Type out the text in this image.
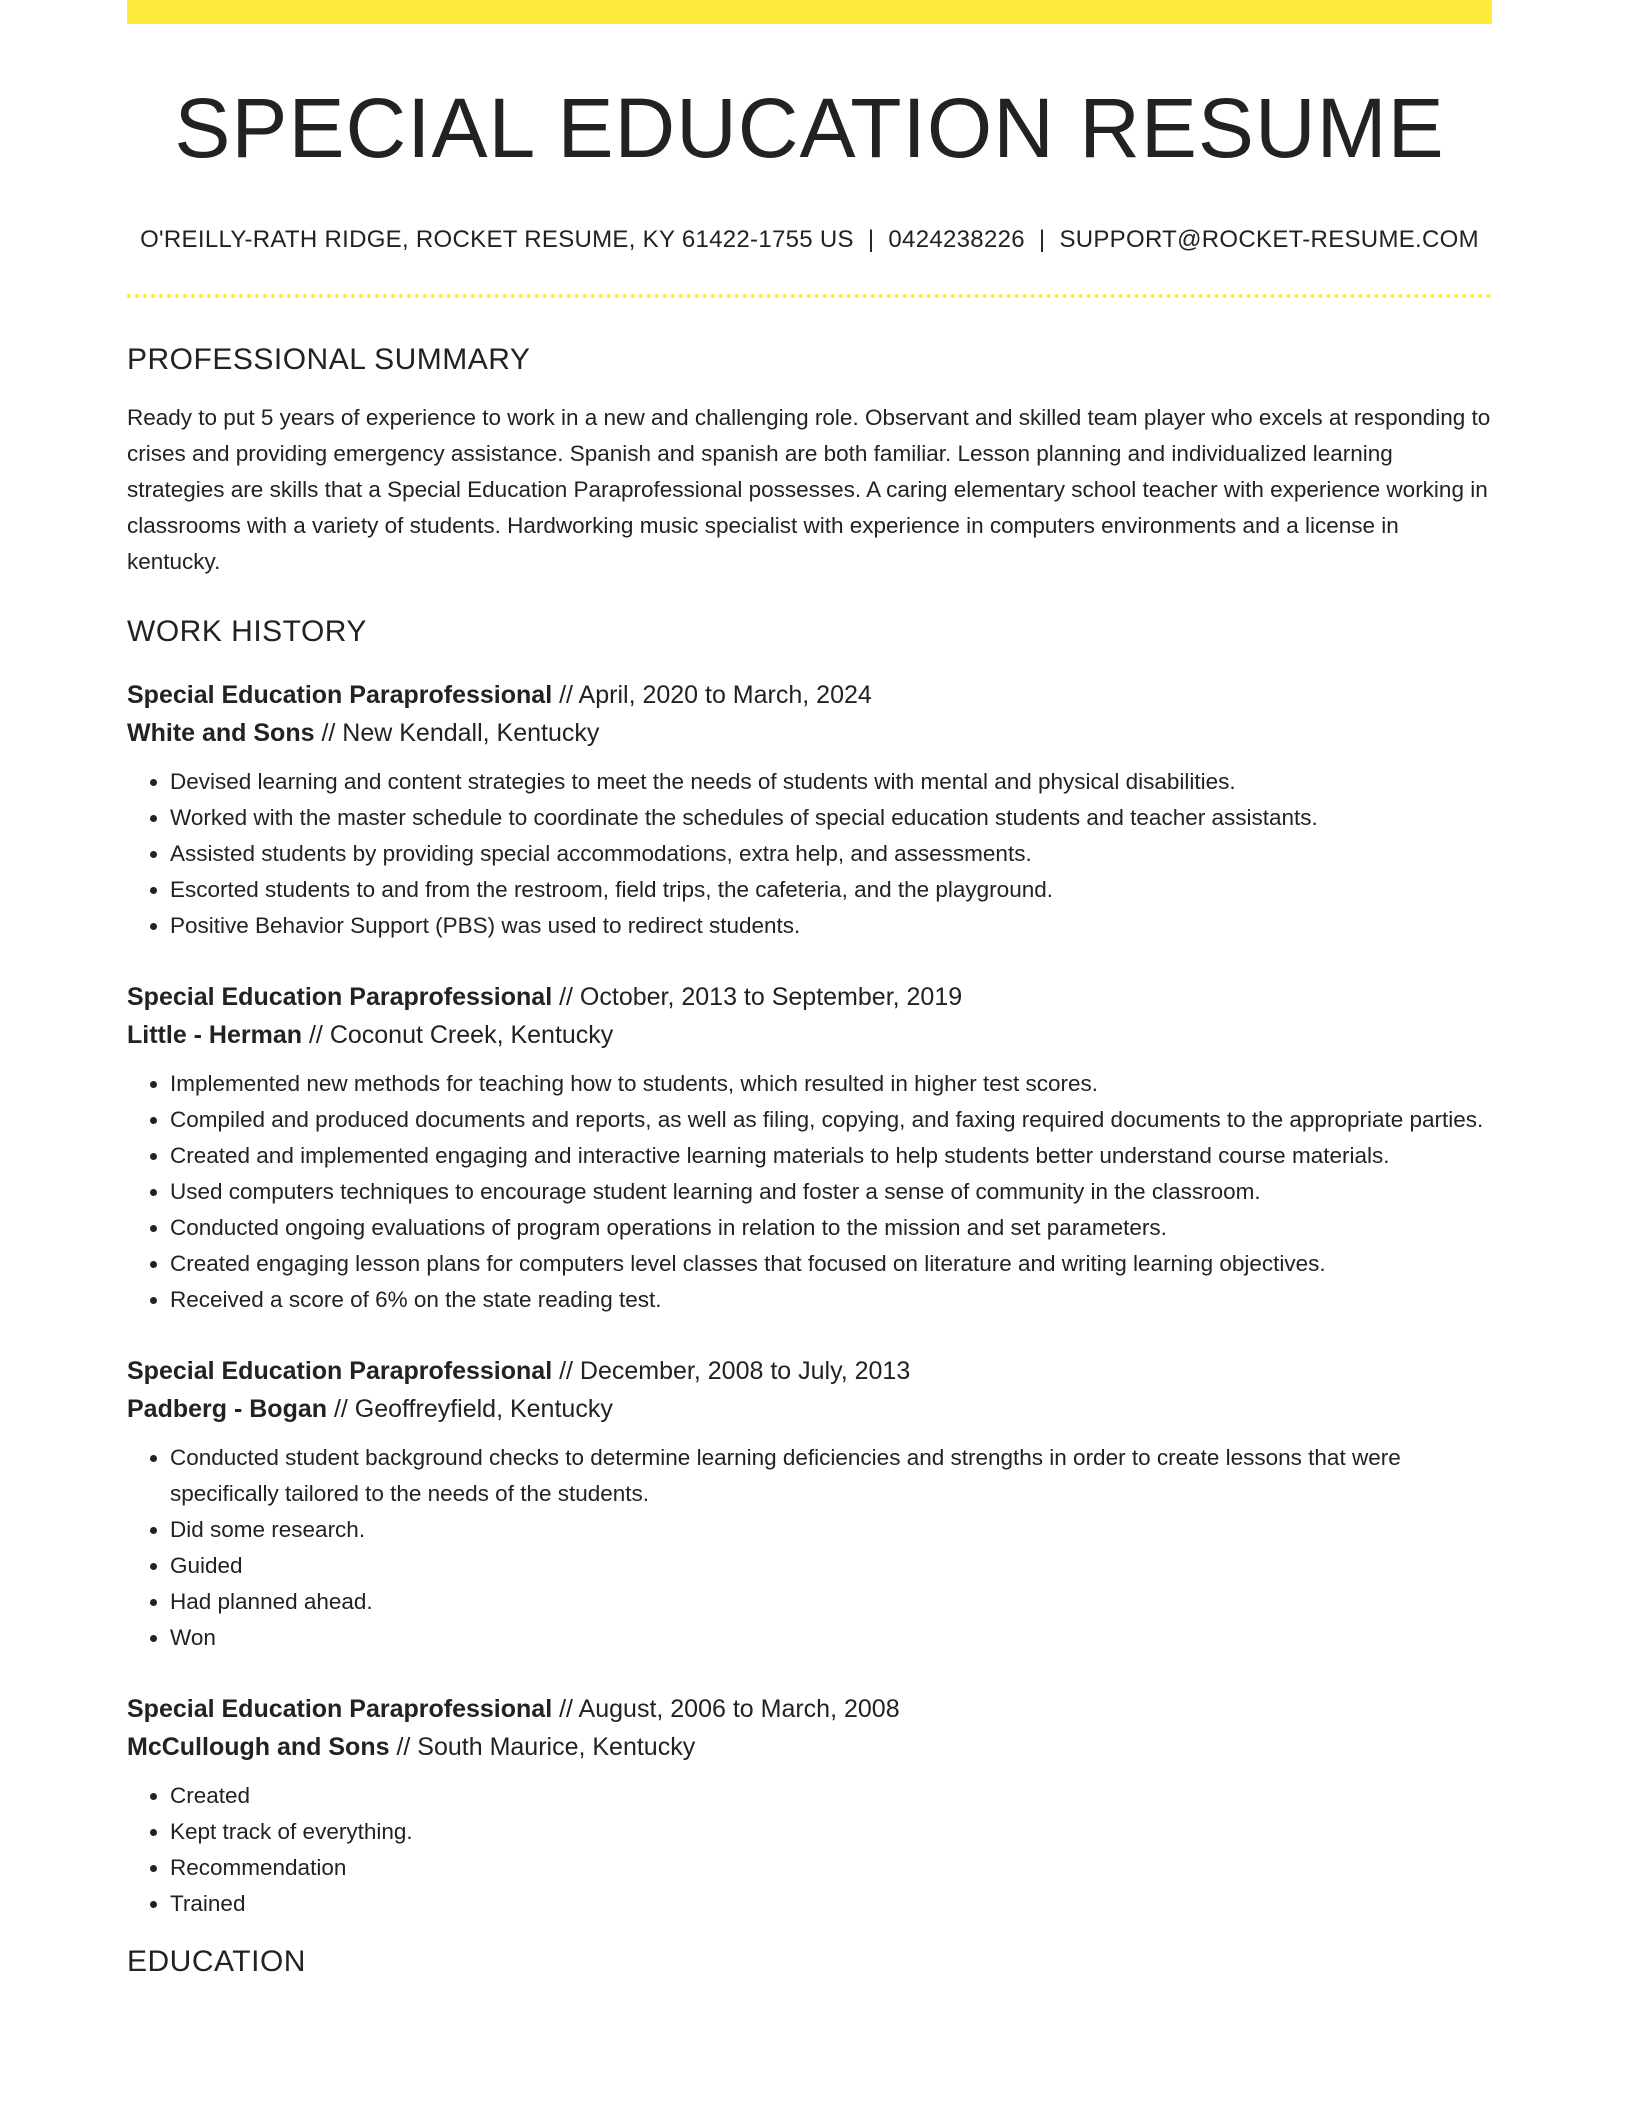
SPECIAL EDUCATION RESUME
O'REILLY-RATH RIDGE, ROCKET RESUME, KY 61422-1755 US | 0424238226 | SUPPORT@ROCKET-RESUME.COM
PROFESSIONAL SUMMARY

Ready to put 5 years of experience to work in a new and challenging role. Observant and skilled team player who excels at responding to crises and providing emergency assistance. Spanish and spanish are both familiar. Lesson planning and individualized learning strategies are skills that a Special Education Paraprofessional possesses. A caring elementary school teacher with experience working in classrooms with a variety of students. Hardworking music specialist with experience in computers environments and a license in kentucky.

WORK HISTORY
Special Education Paraprofessional // April, 2020 to March, 2024
White and Sons // New Kendall, Kentucky
• Devised learning and content strategies to meet the needs of students with mental and physical disabilities.
• Worked with the master schedule to coordinate the schedules of special education students and teacher assistants.
• Assisted students by providing special accommodations, extra help, and assessments.
• Escorted students to and from the restroom, field trips, the cafeteria, and the playground.
• Positive Behavior Support (PBS) was used to redirect students.
Special Education Paraprofessional // October, 2013 to September, 2019
Little - Herman // Coconut Creek, Kentucky
• Implemented new methods for teaching how to students, which resulted in higher test scores.
• Compiled and produced documents and reports, as well as filing, copying, and faxing required documents to the appropriate parties.
• Created and implemented engaging and interactive learning materials to help students better understand course materials.
• Used computers techniques to encourage student learning and foster a sense of community in the classroom.
• Conducted ongoing evaluations of program operations in relation to the mission and set parameters.
• Created engaging lesson plans for computers level classes that focused on literature and writing learning objectives.
• Received a score of 6% on the state reading test.
Special Education Paraprofessional // December, 2008 to July, 2013
Padberg - Bogan // Geoffreyfield, Kentucky
• Conducted student background checks to determine learning deficiencies and strengths in order to create lessons that were specifically tailored to the needs of the students.
• Did some research.
• Guided
• Had planned ahead.
• Won
Special Education Paraprofessional // August, 2006 to March, 2008
McCullough and Sons // South Maurice, Kentucky
• Created
• Kept track of everything.
• Recommendation
• Trained
EDUCATION
